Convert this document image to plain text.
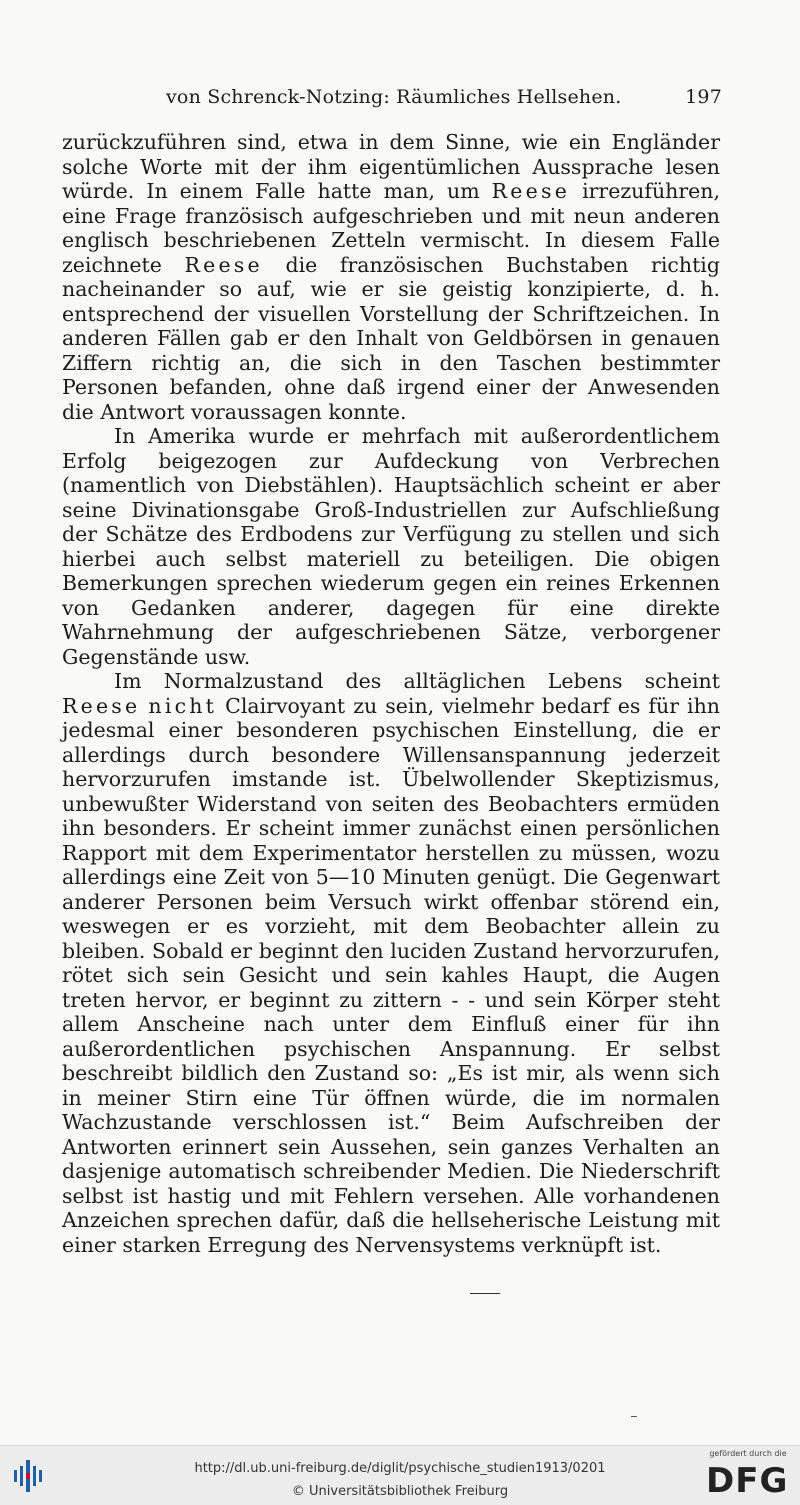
von Schrenck-Notzing: Räumliches Hellsehen.	197

zurückzuführen sind, etwa in dem Sinne, wie ein Engländer solche Worte mit der ihm eigentümlichen Aussprache lesen würde. In einem Falle hatte man, um Reese irrezuführen, eine Frage französisch aufgeschrieben und mit neun anderen englisch beschriebenen Zetteln vermischt. In diesem Falle zeichnete Reese die französischen Buchstaben richtig nacheinander so auf, wie er sie geistig konzipierte, d. h. entsprechend der visuellen Vorstellung der Schriftzeichen. In anderen Fällen gab er den Inhalt von Geldbörsen in genauen Ziffern richtig an, die sich in den Taschen bestimmter Personen befanden, ohne daß irgend einer der Anwesenden die Antwort voraussagen konnte.

In Amerika wurde er mehrfach mit außerordentlichem Erfolg beigezogen zur Aufdeckung von Verbrechen (namentlich von Diebstählen). Hauptsächlich scheint er aber seine Divinationsgabe Groß-Industriellen zur Aufschließung der Schätze des Erdbodens zur Verfügung zu stellen und sich hierbei auch selbst materiell zu beteiligen. Die obigen Bemerkungen sprechen wiederum gegen ein reines Erkennen von Gedanken anderer, dagegen für eine direkte Wahrnehmung der aufgeschriebenen Sätze, verborgener Gegenstände usw.

Im Normalzustand des alltäglichen Lebens scheint Reese nicht Clairvoyant zu sein, vielmehr bedarf es für ihn jedesmal einer besonderen psychischen Einstellung, die er allerdings durch besondere Willensanspannung jederzeit hervorzurufen imstande ist. Übelwollender Skeptizismus, unbewußter Widerstand von seiten des Beobachters ermüden ihn besonders. Er scheint immer zunächst einen persönlichen Rapport mit dem Experimentator herstellen zu müssen, wozu allerdings eine Zeit von 5—10 Minuten genügt. Die Gegenwart anderer Personen beim Versuch wirkt offenbar störend ein, weswegen er es vorzieht, mit dem Beobachter allein zu bleiben. Sobald er beginnt den luciden Zustand hervorzurufen, rötet sich sein Gesicht und sein kahles Haupt, die Augen treten hervor, er beginnt zu zittern - - und sein Körper steht allem Anscheine nach unter dem Einfluß einer für ihn außerordentlichen psychischen Anspannung. Er selbst beschreibt bildlich den Zustand so: „Es ist mir, als wenn sich in meiner Stirn eine Tür öffnen würde, die im normalen Wachzustande verschlossen ist.“ Beim Aufschreiben der Antworten erinnert sein Aussehen, sein ganzes Verhalten an dasjenige automatisch schreibender Medien. Die Niederschrift selbst ist hastig und mit Fehlern versehen. Alle vorhandenen Anzeichen sprechen dafür, daß die hellseherische Leistung mit einer starken Erregung des Nervensystems verknüpft ist.

http://dl.ub.uni-freiburg.de/diglit/psychische_studien1913/0201
© Universitätsbibliothek Freiburg
gefördert durch die
DFG
